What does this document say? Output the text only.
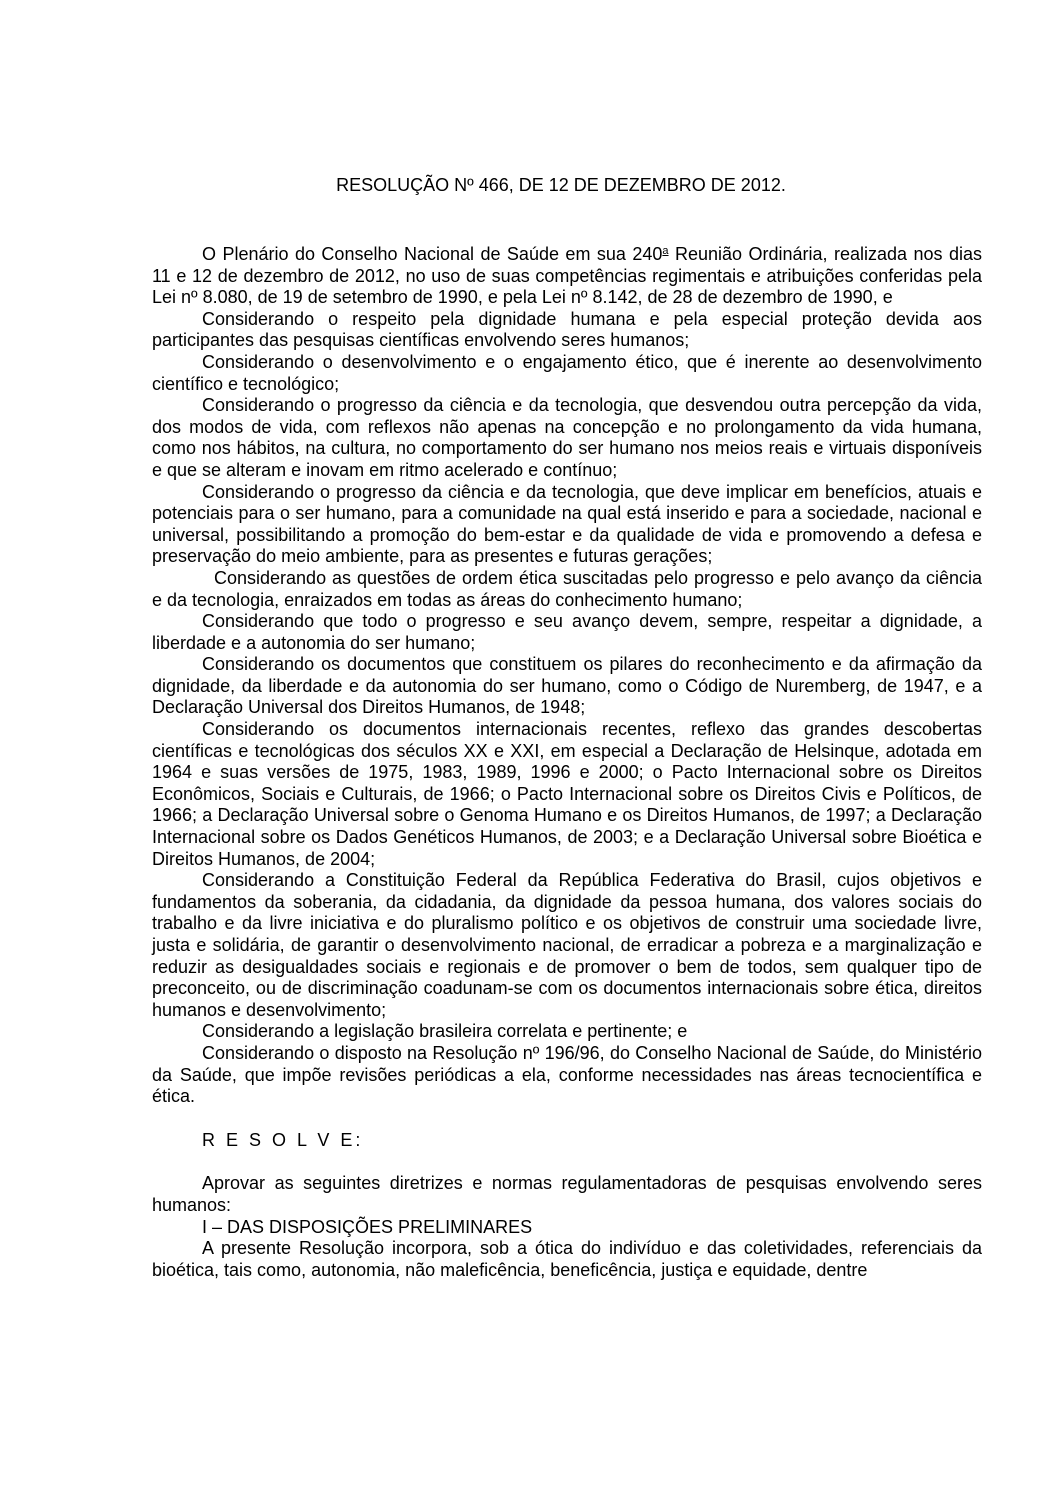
RESOLUÇÃO Nº 466, DE 12 DE DEZEMBRO DE 2012.

O Plenário do Conselho Nacional de Saúde em sua 240$^a$ Reunião Ordinária, realizada nos dias 11 e 12 de dezembro de 2012, no uso de suas competências regimentais e atribuições conferidas pela Lei nº 8.080, de 19 de setembro de 1990, e pela Lei nº 8.142, de 28 de dezembro de 1990, e

Considerando o respeito pela dignidade humana e pela especial proteção devida aos participantes das pesquisas científicas envolvendo seres humanos;

Considerando o desenvolvimento e o engajamento ético, que é inerente ao desenvolvimento científico e tecnológico;

Considerando o progresso da ciência e da tecnologia, que desvendou outra percepção da vida, dos modos de vida, com reflexos não apenas na concepção e no prolongamento da vida humana, como nos hábitos, na cultura, no comportamento do ser humano nos meios reais e virtuais disponíveis e que se alteram e inovam em ritmo acelerado e contínuo;

Considerando o progresso da ciência e da tecnologia, que deve implicar em benefícios, atuais e potenciais para o ser humano, para a comunidade na qual está inserido e para a sociedade, nacional e universal, possibilitando a promoção do bem-estar e da qualidade de vida e promovendo a defesa e preservação do meio ambiente, para as presentes e futuras gerações;

Considerando as questões de ordem ética suscitadas pelo progresso e pelo avanço da ciência e da tecnologia, enraizados em todas as áreas do conhecimento humano;

Considerando que todo o progresso e seu avanço devem, sempre, respeitar a dignidade, a liberdade e a autonomia do ser humano;

Considerando os documentos que constituem os pilares do reconhecimento e da afirmação da dignidade, da liberdade e da autonomia do ser humano, como o Código de Nuremberg, de 1947, e a Declaração Universal dos Direitos Humanos, de 1948;

Considerando os documentos internacionais recentes, reflexo das grandes descobertas científicas e tecnológicas dos séculos XX e XXI, em especial a Declaração de Helsinque, adotada em 1964 e suas versões de 1975, 1983, 1989, 1996 e 2000; o Pacto Internacional sobre os Direitos Econômicos, Sociais e Culturais, de 1966; o Pacto Internacional sobre os Direitos Civis e Políticos, de 1966; a Declaração Universal sobre o Genoma Humano e os Direitos Humanos, de 1997; a Declaração Internacional sobre os Dados Genéticos Humanos, de 2003; e a Declaração Universal sobre Bioética e Direitos Humanos, de 2004;

Considerando a Constituição Federal da República Federativa do Brasil, cujos objetivos e fundamentos da soberania, da cidadania, da dignidade da pessoa humana, dos valores sociais do trabalho e da livre iniciativa e do pluralismo político e os objetivos de construir uma sociedade livre, justa e solidária, de garantir o desenvolvimento nacional, de erradicar a pobreza e a marginalização e reduzir as desigualdades sociais e regionais e de promover o bem de todos, sem qualquer tipo de preconceito, ou de discriminação coadunam-se com os documentos internacionais sobre ética, direitos humanos e desenvolvimento;

Considerando a legislação brasileira correlata e pertinente; e

Considerando o disposto na Resolução nº 196/96, do Conselho Nacional de Saúde, do Ministério da Saúde, que impõe revisões periódicas a ela, conforme necessidades nas áreas tecnocientífica e ética.

R E S O L V E:

Aprovar as seguintes diretrizes e normas regulamentadoras de pesquisas envolvendo seres humanos:

I – DAS DISPOSIÇÕES PRELIMINARES

A presente Resolução incorpora, sob a ótica do indivíduo e das coletividades, referenciais da bioética, tais como, autonomia, não maleficência, beneficência, justiça e equidade, dentre
